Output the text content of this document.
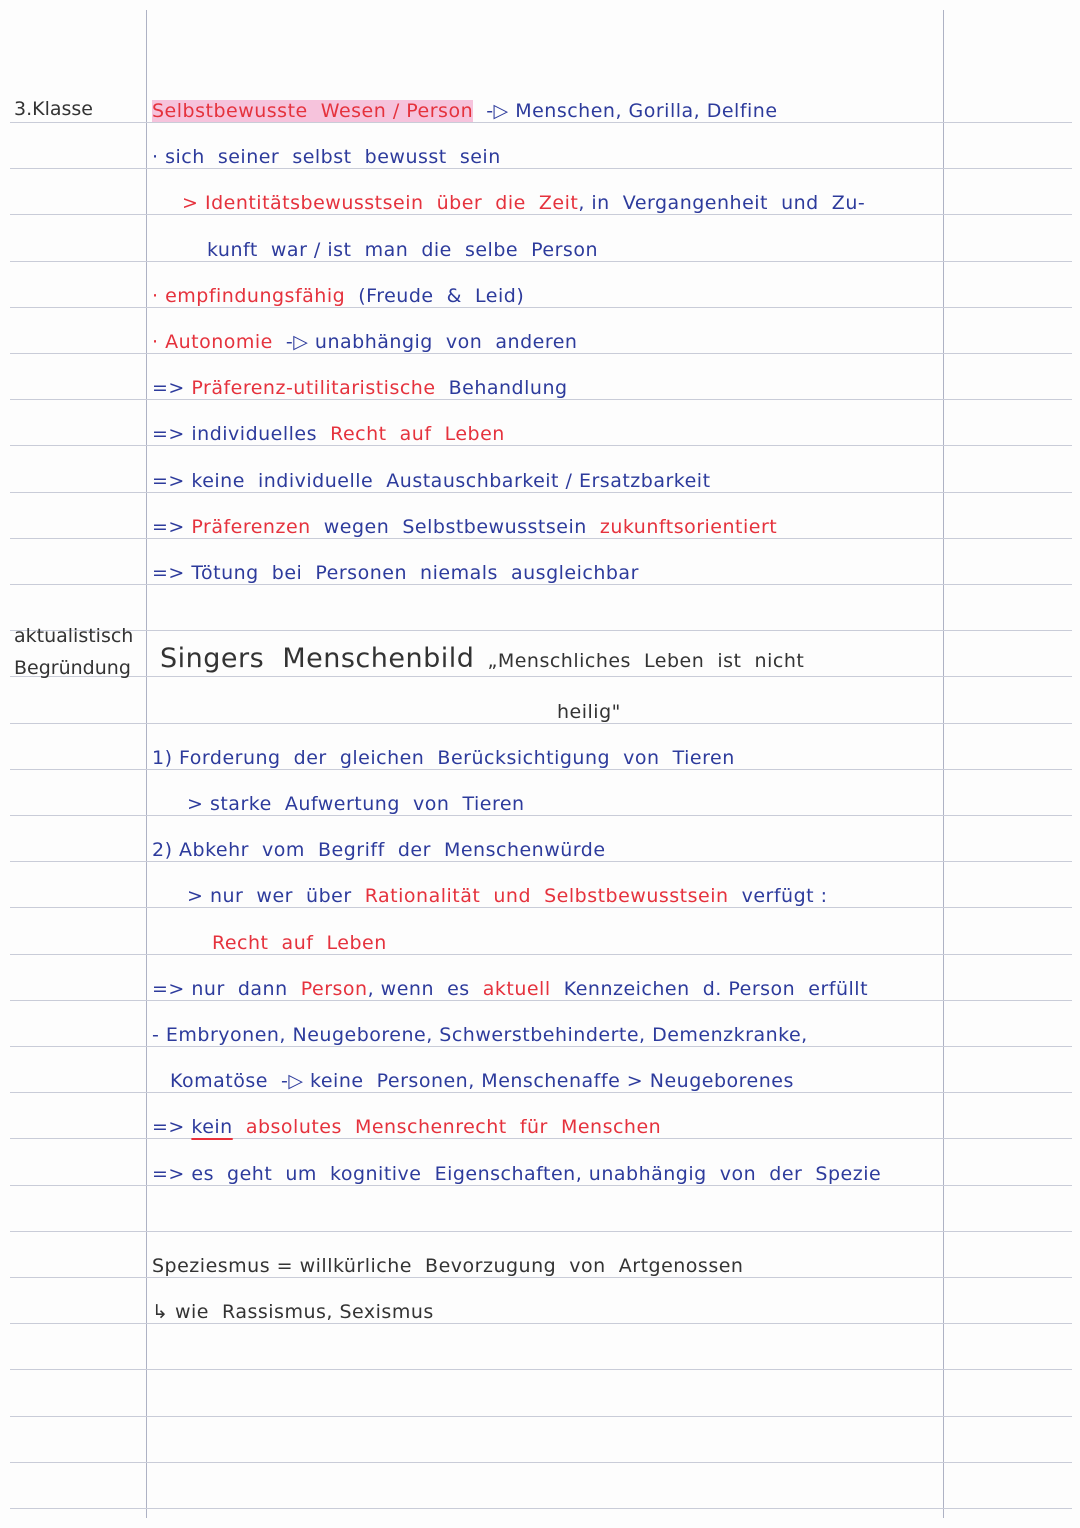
3.Klasse
aktualistisch
Begründung
Selbstbewusste  Wesen / Person  -▷ Menschen, Gorilla, Delfine
· sich  seiner  selbst  bewusst  sein
> Identitätsbewusstsein  über  die  Zeit, in  Vergangenheit  und  Zu-
kunft  war / ist  man  die  selbe  Person
· empfindungsfähig  (Freude  &  Leid)
· Autonomie  -▷ unabhängig  von  anderen
=> Präferenz-utilitaristische  Behandlung
=> individuelles  Recht  auf  Leben
=> keine  individuelle  Austauschbarkeit / Ersatzbarkeit
=> Präferenzen  wegen  Selbstbewusstsein  zukunftsorientiert
=> Tötung  bei  Personen  niemals  ausgleichbar
Singers  Menschenbild  „Menschliches  Leben  ist  nicht
heilig"
1) Forderung  der  gleichen  Berücksichtigung  von  Tieren
> starke  Aufwertung  von  Tieren
2) Abkehr  vom  Begriff  der  Menschenwürde
> nur  wer  über  Rationalität  und  Selbstbewusstsein  verfügt :
Recht  auf  Leben
=> nur  dann  Person, wenn  es  aktuell  Kennzeichen  d. Person  erfüllt
- Embryonen, Neugeborene, Schwerstbehinderte, Demenzkranke,
Komatöse  -▷ keine  Personen, Menschenaffe > Neugeborenes
=> kein  absolutes  Menschenrecht  für  Menschen
=> es  geht  um  kognitive  Eigenschaften, unabhängig  von  der  Spezie
Speziesmus = willkürliche  Bevorzugung  von  Artgenossen
↳ wie  Rassismus, Sexismus
